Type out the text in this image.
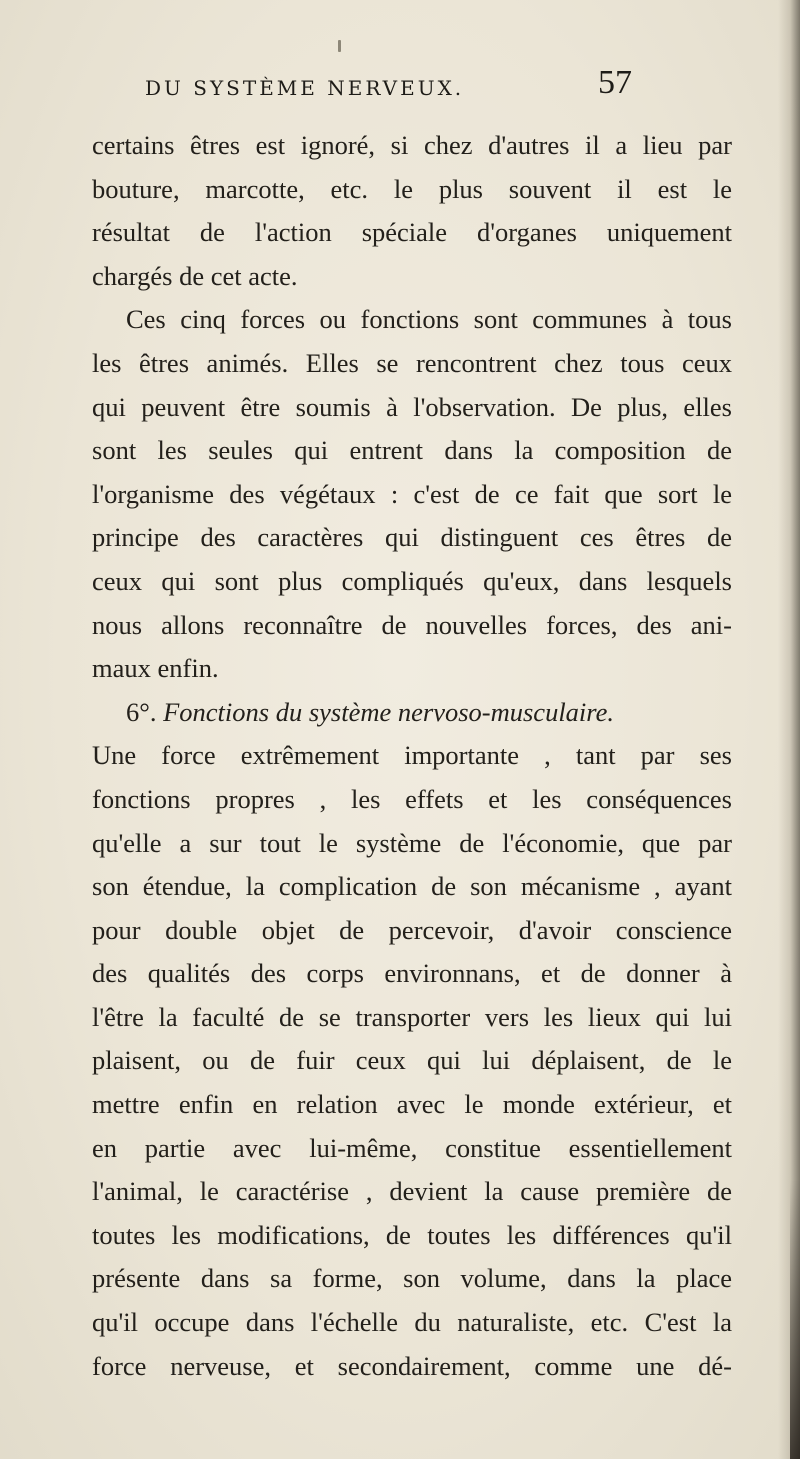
DU SYSTÈME NERVEUX.	57
certains êtres est ignoré, si chez d'autres il a lieu par
bouture, marcotte, etc. le plus souvent il est le
résultat de l'action spéciale d'organes uniquement
chargés de cet acte.
Ces cinq forces ou fonctions sont communes à tous
les êtres animés. Elles se rencontrent chez tous ceux
qui peuvent être soumis à l'observation. De plus, elles
sont les seules qui entrent dans la composition de
l'organisme des végétaux : c'est de ce fait que sort le
principe des caractères qui distinguent ces êtres de
ceux qui sont plus compliqués qu'eux, dans lesquels
nous allons reconnaître de nouvelles forces, des ani-
maux enfin.
6°. Fonctions du système nervoso-musculaire.
Une force extrêmement importante , tant par ses
fonctions propres , les effets et les conséquences
qu'elle a sur tout le système de l'économie, que par
son étendue, la complication de son mécanisme , ayant
pour double objet de percevoir, d'avoir conscience
des qualités des corps environnans, et de donner à
l'être la faculté de se transporter vers les lieux qui lui
plaisent, ou de fuir ceux qui lui déplaisent, de le
mettre enfin en relation avec le monde extérieur, et
en partie avec lui-même, constitue essentiellement
l'animal, le caractérise , devient la cause première de
toutes les modifications, de toutes les différences qu'il
présente dans sa forme, son volume, dans la place
qu'il occupe dans l'échelle du naturaliste, etc. C'est la
force nerveuse, et secondairement, comme une dé-
